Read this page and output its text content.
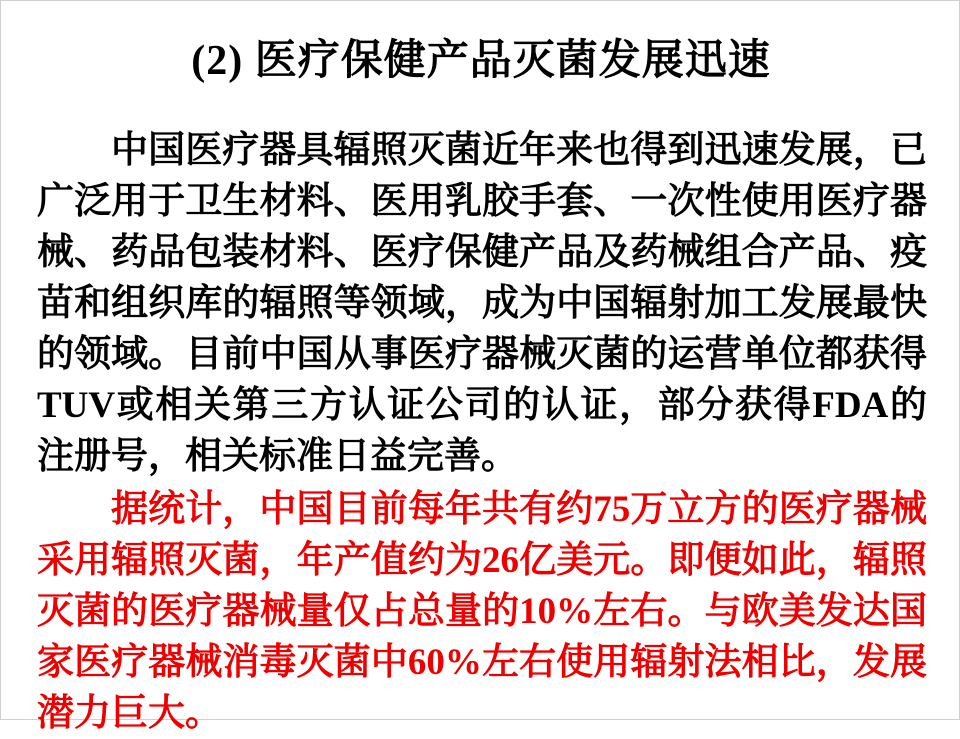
(2) 医疗保健产品灭菌发展迅速

中国医疗器具辐照灭菌近年来也得到迅速发展，已广泛用于卫生材料、医用乳胶手套、一次性使用医疗器械、药品包装材料、医疗保健产品及药械组合产品、疫苗和组织库的辐照等领域，成为中国辐射加工发展最快的领域。目前中国从事医疗器械灭菌的运营单位都获得TUV或相关第三方认证公司的认证，部分获得FDA的注册号，相关标准日益完善。

据统计，中国目前每年共有约75万立方的医疗器械采用辐照灭菌，年产值约为26亿美元。即便如此，辐照灭菌的医疗器械量仅占总量的10%左右。与欧美发达国家医疗器械消毒灭菌中60%左右使用辐射法相比，发展潜力巨大。
